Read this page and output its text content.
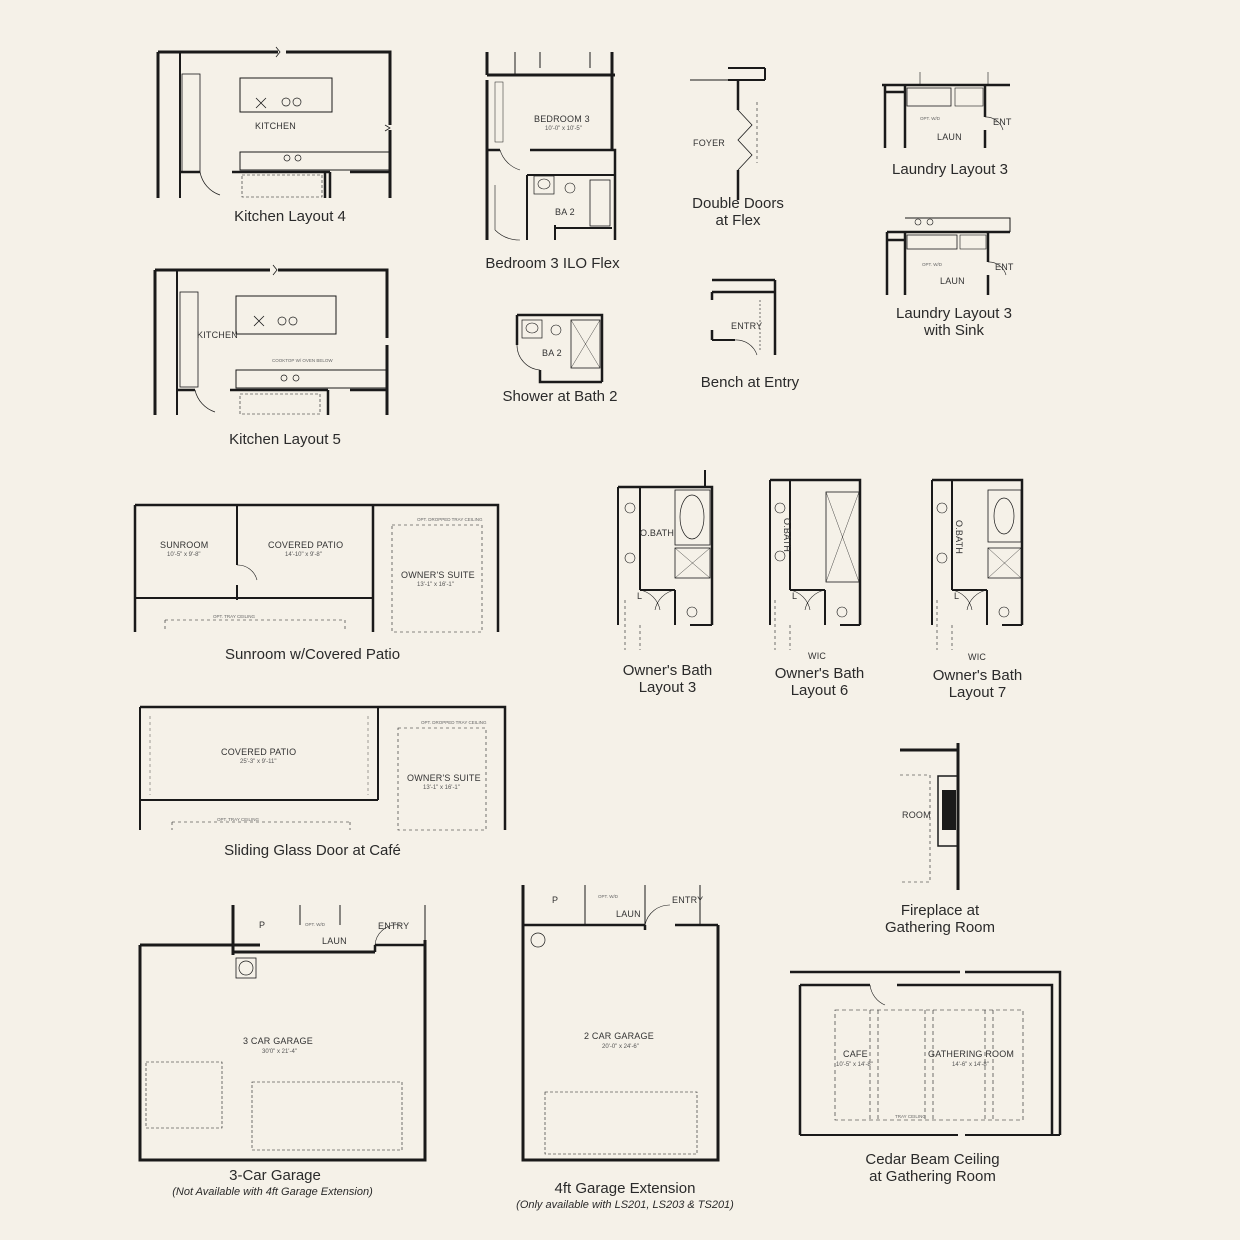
KITCHEN
Kitchen Layout 4
BEDROOM 3
10'-0" x 10'-5"
BA 2
Bedroom 3 ILO Flex
FOYER
Double Doors
at Flex
OPT. W/D
LAUN
ENT
Laundry Layout 3
KITCHEN
COOKTOP W/ OVEN BELOW
Kitchen Layout 5
BA 2
Shower at Bath 2
ENTRY
Bench at Entry
OPT. W/D
LAUN
ENT
Laundry Layout 3
with Sink
SUNROOM
10'-5" x 9'-8"
COVERED PATIO
14'-10" x 9'-8"
OWNER'S SUITE
13'-1" x 16'-1"
OPT. DROPPED TRAY CEILING
OPT. TRAY CEILING
Sunroom w/Covered Patio
O.BATH
L
Owner's Bath
Layout 3
O.BATH
L
WIC
Owner's Bath
Layout 6
O.BATH
L
WIC
Owner's Bath
Layout 7
COVERED PATIO
25'-3" x 9'-11"
OWNER'S SUITE
13'-1" x 16'-1"
OPT. DROPPED TRAY CEILING
OPT. TRAY CEILING
Sliding Glass Door at Café
ROOM
Fireplace at
Gathering Room
P	OPT. W/D
LAUN
ENTRY
3 CAR GARAGE
30'0" x 21'-4"
3-Car Garage
(Not Available with 4ft Garage Extension)
P	OPT. W/D
LAUN
ENTRY
2 CAR GARAGE
20'-0" x 24'-6"
4ft Garage Extension
(Only available with LS201, LS203 & TS201)
CAFE
10'-5" x 14'-8"
GATHERING ROOM
14'-6" x 14'-8"
TRAY CEILING
Cedar Beam Ceiling
at Gathering Room
